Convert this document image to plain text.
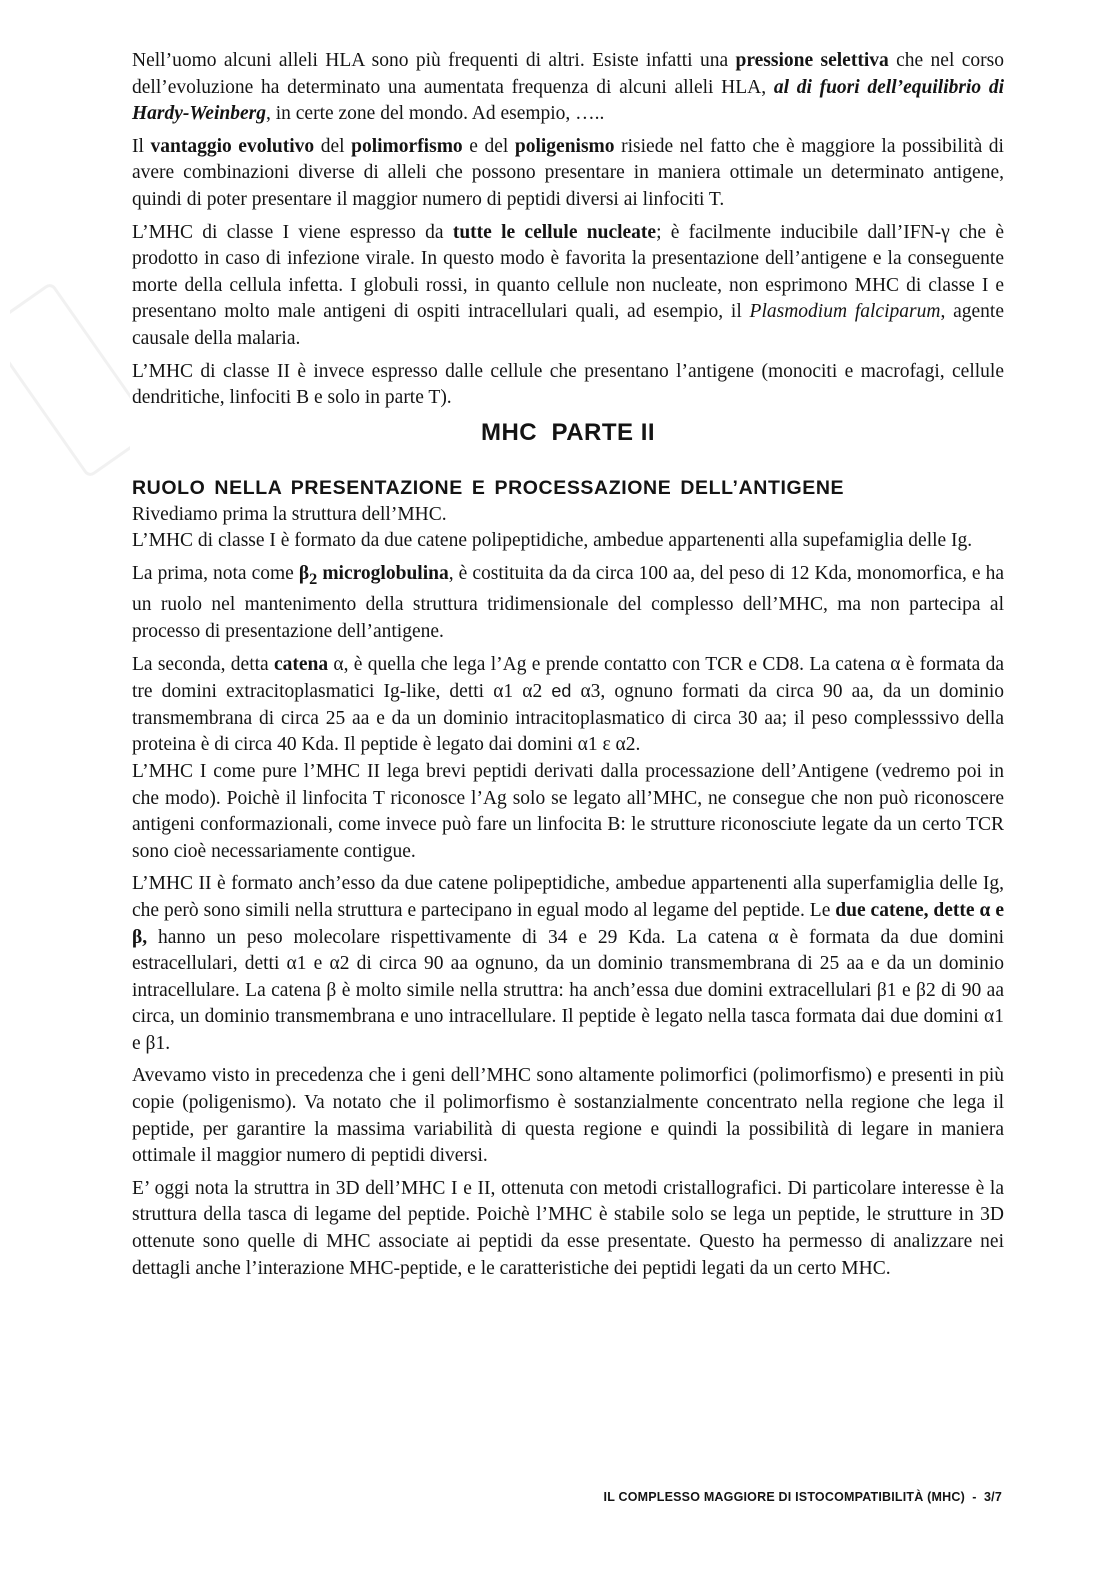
Nell’uomo alcuni alleli HLA sono più frequenti di altri. Esiste infatti una pressione selettiva che nel corso dell’evoluzione ha determinato una aumentata frequenza di alcuni alleli HLA, al di fuori dell’equilibrio di Hardy-Weinberg, in certe zone del mondo. Ad esempio, …..

Il vantaggio evolutivo del polimorfismo e del poligenismo risiede nel fatto che è maggiore la possibilità di avere combinazioni diverse di alleli che possono presentare in maniera ottimale un determinato antigene, quindi di poter presentare il maggior numero di peptidi diversi ai linfociti T.

L’MHC di classe I viene espresso da tutte le cellule nucleate; è facilmente inducibile dall’IFN-γ che è prodotto in caso di infezione virale. In questo modo è favorita la presentazione dell’antigene e la conseguente morte della cellula infetta. I globuli rossi, in quanto cellule non nucleate, non esprimono MHC di classe I e presentano molto male antigeni di ospiti intracellulari quali, ad esempio, il Plasmodium falciparum, agente causale della malaria.

L’MHC di classe II è invece espresso dalle cellule che presentano l’antigene (monociti e macrofagi, cellule dendritiche, linfociti B e solo in parte T).

MHC  PARTE II
RUOLO NELLA PRESENTAZIONE E PROCESSAZIONE DELL’ANTIGENE

Rivediamo prima la struttura dell’MHC.

L’MHC di classe I è formato da due catene polipeptidiche, ambedue appartenenti alla supefamiglia delle Ig.

La prima, nota come $\beta_2$ microglobulina, è costituita da da circa 100 aa, del peso di 12 Kda, monomorfica, e ha un ruolo nel mantenimento della struttura tridimensionale del complesso dell’MHC, ma non partecipa al processo di presentazione dell’antigene.

La seconda, detta catena α, è quella che lega l’Ag e prende contatto con TCR e CD8. La catena α è formata da tre domini extracitoplasmatici Ig-like, detti α1 α2 ed α3, ognuno formati da circa 90 aa, da un dominio transmembrana di circa 25 aa e da un dominio intracitoplasmatico di circa 30 aa; il peso complesssivo della proteina è di circa 40 Kda. Il peptide è legato dai domini α1 ε α2.

L’MHC I come pure l’MHC II lega brevi peptidi derivati dalla processazione dell’Antigene (vedremo poi in che modo). Poichè il linfocita T riconosce l’Ag solo se legato all’MHC, ne consegue che non può riconoscere antigeni conformazionali, come invece può fare un linfocita B: le strutture riconosciute legate da un certo TCR sono cioè necessariamente contigue.

L’MHC II è formato anch’esso da due catene polipeptidiche, ambedue appartenenti alla superfamiglia delle Ig, che però sono simili nella struttura e partecipano in egual modo al legame del peptide. Le due catene, dette α e β, hanno un peso molecolare rispettivamente di 34 e 29 Kda. La catena α è formata da due domini estracellulari, detti α1 e α2 di circa 90 aa ognuno, da un dominio transmembrana di 25 aa e da un dominio intracellulare. La catena β è molto simile nella struttra: ha anch’essa due domini extracellulari β1 e β2 di 90 aa circa, un dominio transmembrana e uno intracellulare. Il peptide è legato nella tasca formata dai due domini α1 e β1.

Avevamo visto in precedenza che i geni dell’MHC sono altamente polimorfici (polimorfismo) e presenti in più copie (poligenismo). Va notato che il polimorfismo è sostanzialmente concentrato nella regione che lega il peptide, per garantire la massima variabilità di questa regione e quindi la possibilità di legare in maniera ottimale il maggior numero di peptidi diversi.

E’ oggi nota la struttra in 3D dell’MHC I e II, ottenuta con metodi cristallografici. Di particolare interesse è la struttura della tasca di legame del peptide. Poichè l’MHC è stabile solo se lega un peptide, le strutture in 3D ottenute sono quelle di MHC associate ai peptidi da esse presentate. Questo ha permesso di analizzare nei dettagli anche l’interazione MHC-peptide, e le caratteristiche dei peptidi legati da un certo MHC.

IL COMPLESSO MAGGIORE DI ISTOCOMPATIBILITÀ (MHC)  -  3/7
